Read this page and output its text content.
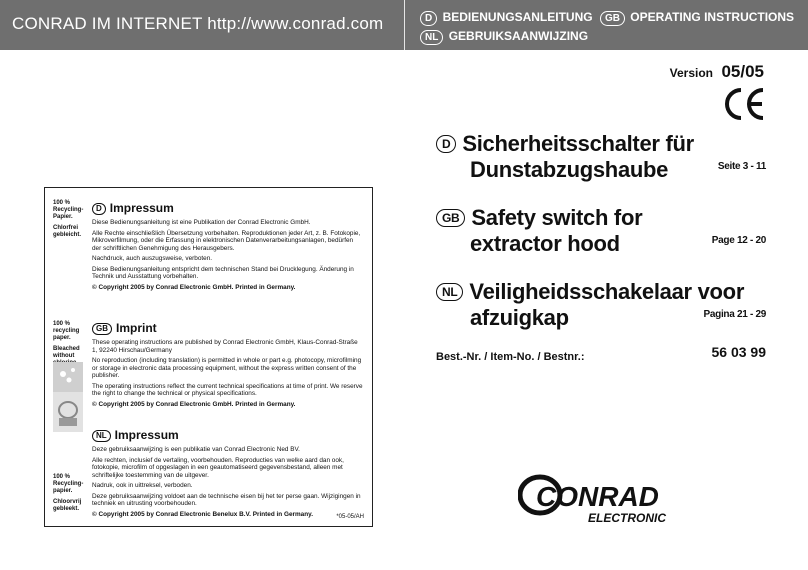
CONRAD IM INTERNET http://www.conrad.com	D BEDIENUNGSANLEITUNG GB OPERATING INSTRUCTIONS
NL GEBRUIKSAANWIJZING
Version 05/05
D Sicherheitsschalter für
Dunstabzugshaube	Seite 3 - 11
GB Safety switch for
extractor hood	Page 12 - 20
NL Veiligheidsschakelaar voor
afzuigkap	Pagina 21 - 29
Best.-Nr. / Item-No. / Bestnr.:	56 03 99
CONRAD
ELECTRONIC
100 %
Recycling-
Papier.
Chlorfrei
gebleicht.
100 %
recycling
paper.
Bleached
without
100 %
Recycling-
papier.
Chloorvrij
gebleekt.
D Impressum

Diese Bedienungsanleitung ist eine Publikation der Conrad Electronic GmbH.

Alle Rechte einschließlich Übersetzung vorbehalten. Reproduktionen jeder Art, z. B. Fotokopie, Mikroverfilmung, oder die Erfassung in elektronischen Datenverarbeitungsanlagen, bedürfen der schriftlichen Genehmigung des Herausgebers.

Nachdruck, auch auszugsweise, verboten.

Diese Bedienungsanleitung entspricht dem technischen Stand bei Drucklegung. Änderung in Technik und Ausstattung vorbehalten.

© Copyright 2005 by Conrad Electronic GmbH. Printed in Germany.

GB Imprint

These operating instructions are published by Conrad Electronic GmbH, Klaus-Conrad-Straße 1, 92240 Hirschau/Germany

No reproduction (including translation) is permitted in whole or part e.g. photocopy, microfilming or storage in electronic data processing equipment, without the express written consent of the publisher.

The operating instructions reflect the current technical specifications at time of print. We reserve the right to change the technical or physical specifications.

© Copyright 2005 by Conrad Electronic GmbH. Printed in Germany.

NL Impressum

Deze gebruiksaanwijzing is een publikatie van Conrad Electronic Ned BV.

Alle rechten, inclusief de vertaling, voorbehouden. Reproducties van welke aard dan ook, fotokopie, microfilm of opgeslagen in een geautomatiseerd gegevensbestand, alleen met schriftelijke toestemming van de uitgever.

Nadruk, ook in uittreksel, verboden.

Deze gebruiksaanwijzing voldoet aan de technische eisen bij het ter perse gaan. Wijzigingen in techniek en uitrusting voorbehouden.

© Copyright 2005 by Conrad Electronic Benelux B.V. Printed in Germany.	*05-05/AH
